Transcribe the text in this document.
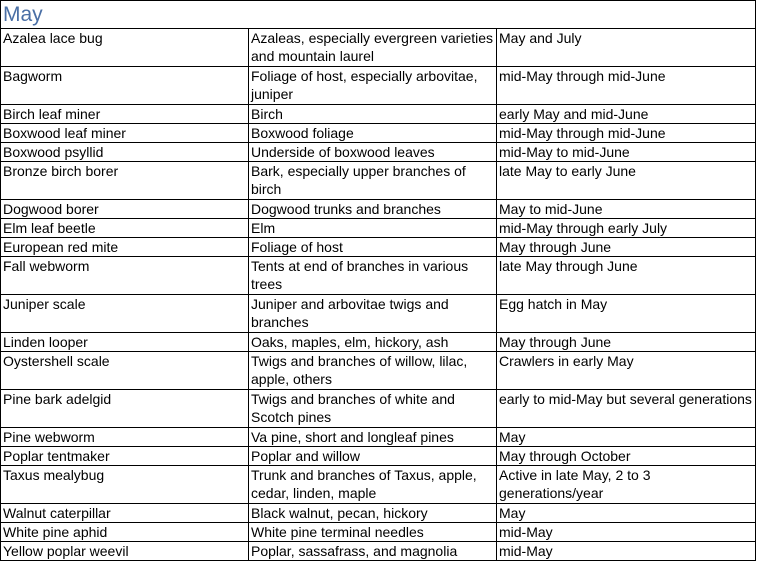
May		
Azalea lace bug	Azaleas, especially evergreen varieties and mountain laurel	May and July
Bagworm	Foliage of host, especially arbovitae, juniper	mid-May through mid-June
Birch leaf miner	Birch	early May and mid-June
Boxwood leaf miner	Boxwood foliage	mid-May through mid-June
Boxwood psyllid	Underside of boxwood leaves	mid-May to mid-June
Bronze birch borer	Bark, especially upper branches of birch	late May to early June
Dogwood borer	Dogwood trunks and branches	May to mid-June
Elm leaf beetle	Elm	mid-May through early July
European red mite	Foliage of host	May through June
Fall webworm	Tents at end of branches in various trees	late May through June
Juniper scale	Juniper and arbovitae twigs and branches	Egg hatch in May
Linden looper	Oaks, maples, elm, hickory, ash	May through June
Oystershell scale	Twigs and branches of willow, lilac, apple, others	Crawlers in early May
Pine bark adelgid	Twigs and branches of white and Scotch pines	early to mid-May but several generations
Pine webworm	Va pine, short and longleaf pines	May
Poplar tentmaker	Poplar and willow	May through October
Taxus mealybug	Trunk and branches of Taxus, apple, cedar, linden, maple	Active in late May, 2 to 3 generations/year
Walnut caterpillar	Black walnut, pecan, hickory	May
White pine aphid	White pine terminal needles	mid-May
Yellow poplar weevil	Poplar, sassafrass, and magnolia	mid-May
